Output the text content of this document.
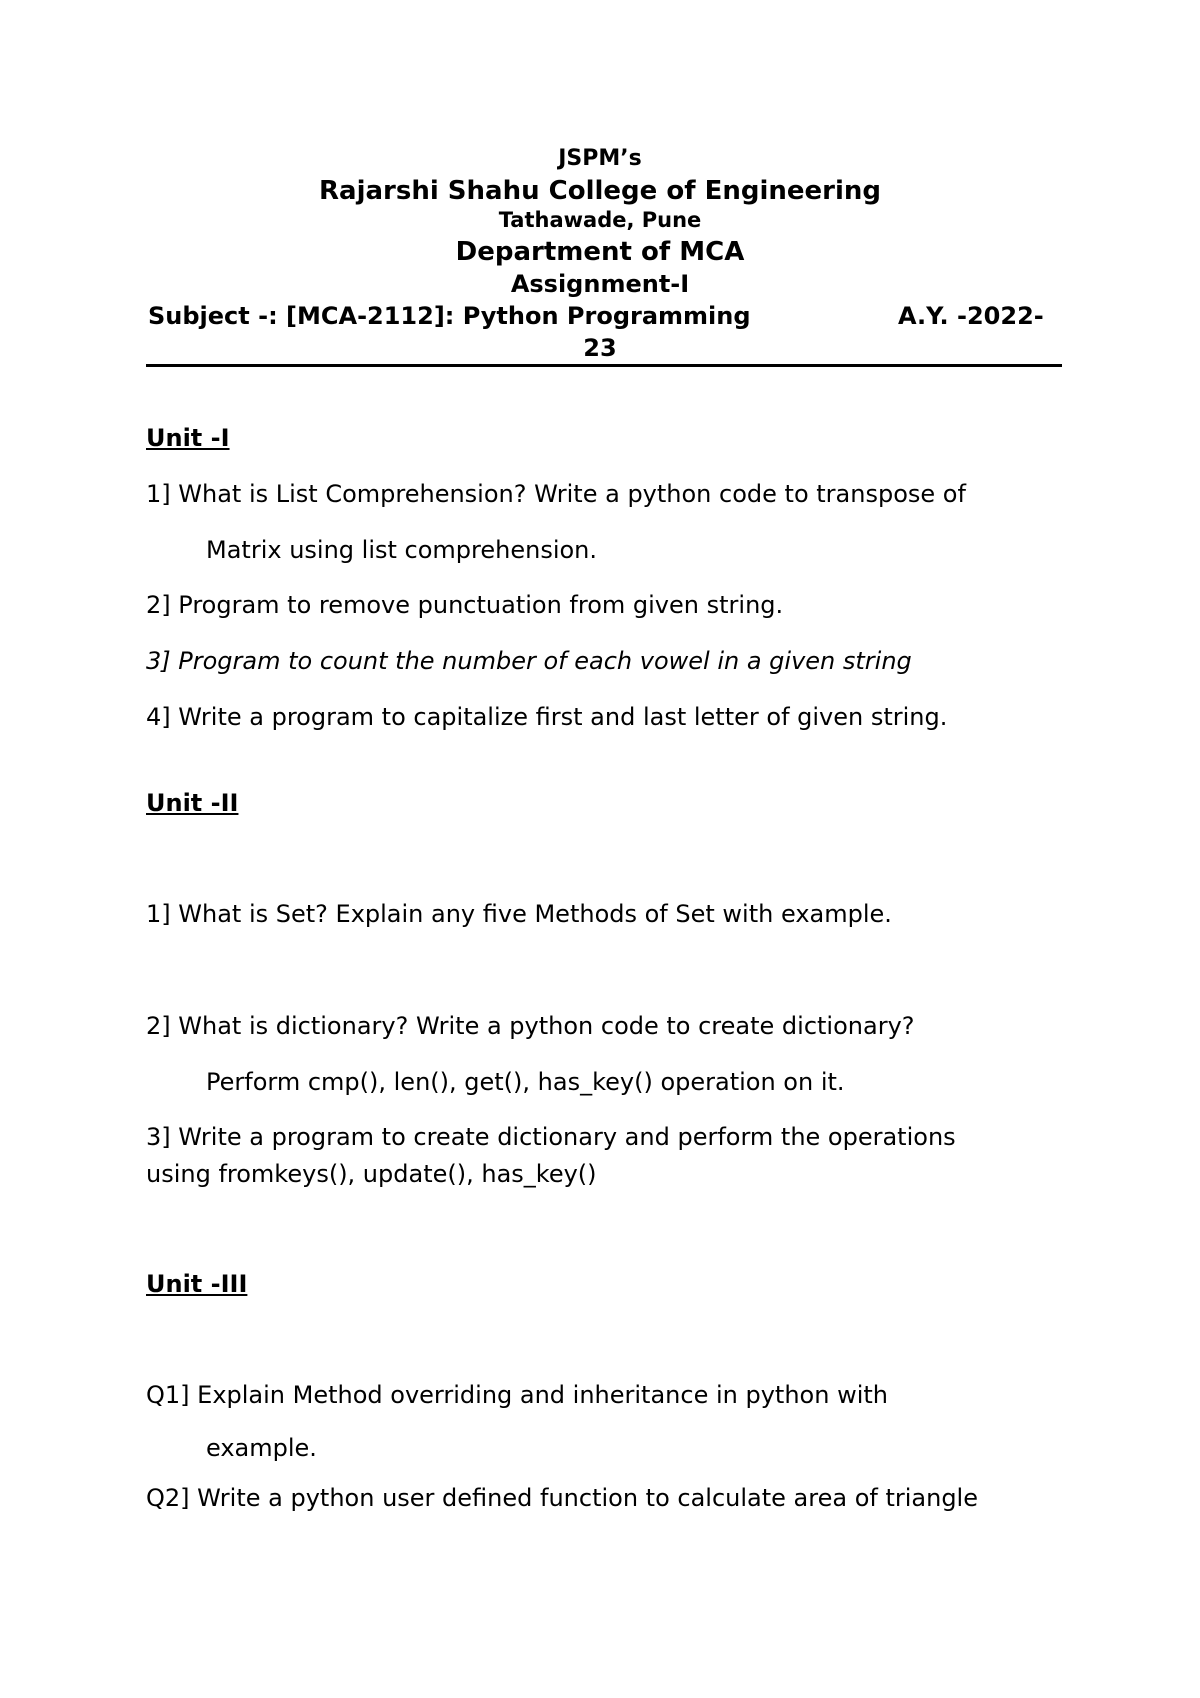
JSPM’s
Rajarshi Shahu College of Engineering
Tathawade, Pune
Department of MCA
Assignment-I
Subject -: [MCA-2112]: Python Programming	A.Y. -2022-
23
Unit -I
1] What is List Comprehension? Write a python code to transpose of
Matrix using list comprehension.
2] Program to remove punctuation from given string.
3] Program to count the number of each vowel in a given string
4] Write a program to capitalize first and last letter of given string.
Unit -II
1] What is Set? Explain any five Methods of Set with example.
2] What is dictionary? Write a python code to create dictionary?
Perform cmp(), len(), get(), has_key() operation on it.
3] Write a program to create dictionary and perform the operations
using fromkeys(), update(), has_key()
Unit -III
Q1] Explain Method overriding and inheritance in python with
example.
Q2] Write a python user defined function to calculate area of triangle
